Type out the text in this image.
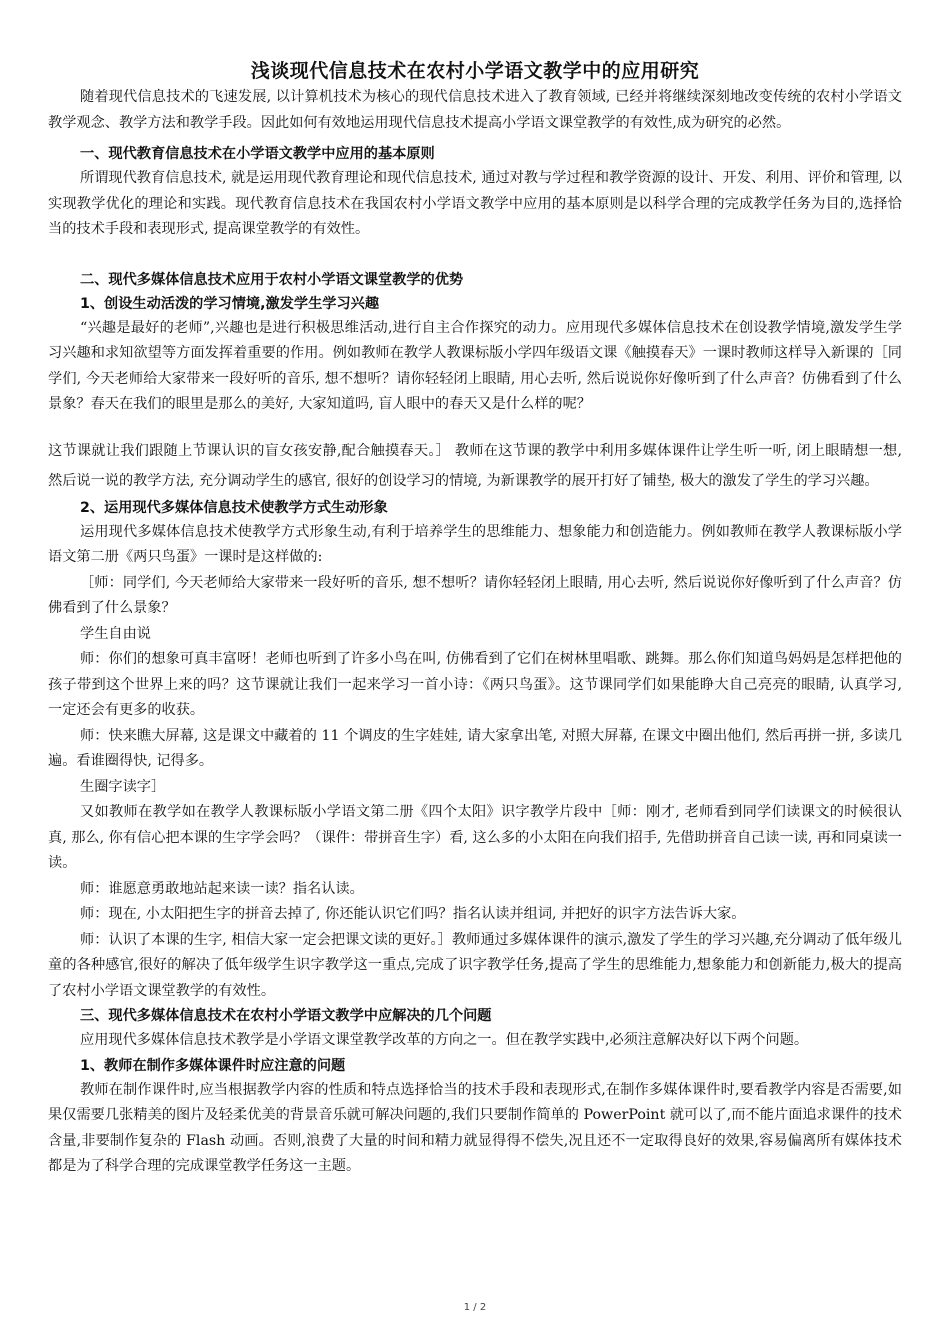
浅谈现代信息技术在农村小学语文教学中的应用研究

随着现代信息技术的飞速发展, 以计算机技术为核心的现代信息技术进入了教育领域, 已经并将继续深刻地改变传统的农村小学语文教学观念、教学方法和教学手段。因此如何有效地运用现代信息技术提高小学语文课堂教学的有效性,成为研究的必然。

一、现代教育信息技术在小学语文教学中应用的基本原则

所谓现代教育信息技术, 就是运用现代教育理论和现代信息技术, 通过对教与学过程和教学资源的设计、开发、利用、评价和管理, 以实现教学优化的理论和实践。现代教育信息技术在我国农村小学语文教学中应用的基本原则是以科学合理的完成教学任务为目的,选择恰当的技术手段和表现形式, 提高课堂教学的有效性。

二、现代多媒体信息技术应用于农村小学语文课堂教学的优势

1、创设生动活泼的学习情境,激发学生学习兴趣

“兴趣是最好的老师”,兴趣也是进行积极思维活动,进行自主合作探究的动力。应用现代多媒体信息技术在创设教学情境,激发学生学习兴趣和求知欲望等方面发挥着重要的作用。例如教师在教学人教课标版小学四年级语文课《触摸春天》一课时教师这样导入新课的［同学们, 今天老师给大家带来一段好听的音乐, 想不想听？请你轻轻闭上眼睛, 用心去听, 然后说说你好像听到了什么声音？仿佛看到了什么景象？春天在我们的眼里是那么的美好, 大家知道吗, 盲人眼中的春天又是什么样的呢？

这节课就让我们跟随上节课认识的盲女孩安静,配合触摸春天。］ 教师在这节课的教学中利用多媒体课件让学生听一听, 闭上眼睛想一想, 然后说一说的教学方法, 充分调动学生的感官, 很好的创设学习的情境, 为新课教学的展开打好了铺垫, 极大的激发了学生的学习兴趣。

2、运用现代多媒体信息技术使教学方式生动形象

运用现代多媒体信息技术使教学方式形象生动,有利于培养学生的思维能力、想象能力和创造能力。例如教师在教学人教课标版小学语文第二册《两只鸟蛋》一课时是这样做的:

［师：同学们, 今天老师给大家带来一段好听的音乐, 想不想听？请你轻轻闭上眼睛, 用心去听, 然后说说你好像听到了什么声音？仿佛看到了什么景象？

学生自由说

师：你们的想象可真丰富呀！老师也听到了许多小鸟在叫, 仿佛看到了它们在树林里唱歌、跳舞。那么你们知道鸟妈妈是怎样把他的孩子带到这个世界上来的吗？这节课就让我们一起来学习一首小诗：《两只鸟蛋》。这节课同学们如果能睁大自己亮亮的眼睛, 认真学习, 一定还会有更多的收获。

师：快来瞧大屏幕, 这是课文中藏着的 11 个调皮的生字娃娃, 请大家拿出笔, 对照大屏幕, 在课文中圈出他们, 然后再拼一拼, 多读几遍。看谁圈得快, 记得多。

生圈字读字］

又如教师在教学如在教学人教课标版小学语文第二册《四个太阳》识字教学片段中［师：刚才, 老师看到同学们读课文的时候很认真, 那么, 你有信心把本课的生字学会吗？（课件：带拼音生字）看, 这么多的小太阳在向我们招手, 先借助拼音自己读一读, 再和同桌读一读。

师：谁愿意勇敢地站起来读一读？指名认读。

师：现在, 小太阳把生字的拼音去掉了, 你还能认识它们吗？指名认读并组词, 并把好的识字方法告诉大家。

师：认识了本课的生字, 相信大家一定会把课文读的更好。］教师通过多媒体课件的演示,激发了学生的学习兴趣,充分调动了低年级儿童的各种感官,很好的解决了低年级学生识字教学这一重点,完成了识字教学任务,提高了学生的思维能力,想象能力和创新能力,极大的提高了农村小学语文课堂教学的有效性。

三、现代多媒体信息技术在农村小学语文教学中应解决的几个问题

应用现代多媒体信息技术教学是小学语文课堂教学改革的方向之一。但在教学实践中,必须注意解决好以下两个问题。

1、教师在制作多媒体课件时应注意的问题

教师在制作课件时,应当根据教学内容的性质和特点选择恰当的技术手段和表现形式,在制作多媒体课件时,要看教学内容是否需要,如果仅需要几张精美的图片及轻柔优美的背景音乐就可解决问题的,我们只要制作简单的 PowerPoint 就可以了,而不能片面追求课件的技术含量,非要制作复杂的 Flash 动画。否则,浪费了大量的时间和精力就显得得不偿失,况且还不一定取得良好的效果,容易偏离所有媒体技术都是为了科学合理的完成课堂教学任务这一主题。

1 / 2
